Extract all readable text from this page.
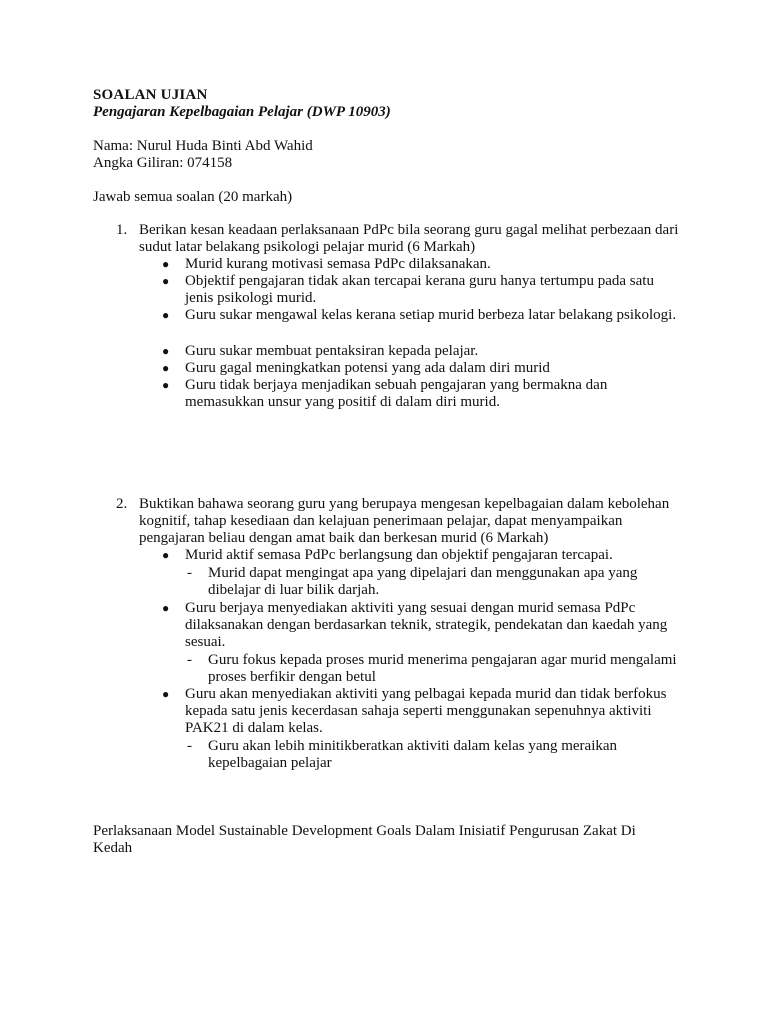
SOALAN UJIAN

Pengajaran Kepelbagaian Pelajar (DWP 10903)

Nama: Nurul Huda Binti Abd Wahid

Angka Giliran: 074158

Jawab semua soalan (20 markah)

1. Berikan kesan keadaan perlaksanaan PdPc bila seorang guru gagal melihat perbezaan dari sudut latar belakang psikologi pelajar murid (6 Markah)

● Murid kurang motivasi semasa PdPc dilaksanakan.

● Objektif pengajaran tidak akan tercapai kerana guru hanya tertumpu pada satu jenis psikologi murid.

● Guru sukar mengawal kelas kerana setiap murid berbeza latar belakang psikologi.

● Guru sukar membuat pentaksiran kepada pelajar.

● Guru gagal meningkatkan potensi yang ada dalam diri murid

● Guru tidak berjaya menjadikan sebuah pengajaran yang bermakna dan memasukkan unsur yang positif di dalam diri murid.

2. Buktikan bahawa seorang guru yang berupaya mengesan kepelbagaian dalam kebolehan kognitif, tahap kesediaan dan kelajuan penerimaan pelajar, dapat menyampaikan pengajaran beliau dengan amat baik dan berkesan murid (6 Markah)

● Murid aktif semasa PdPc berlangsung dan objektif pengajaran tercapai.

- Murid dapat mengingat apa yang dipelajari dan menggunakan apa yang dibelajar di luar bilik darjah.

● Guru berjaya menyediakan aktiviti yang sesuai dengan murid semasa PdPc dilaksanakan dengan berdasarkan teknik, strategik, pendekatan dan kaedah yang sesuai.

- Guru fokus kepada proses murid menerima pengajaran agar murid mengalami proses berfikir dengan betul

● Guru akan menyediakan aktiviti yang pelbagai kepada murid dan tidak berfokus kepada satu jenis kecerdasan sahaja seperti menggunakan sepenuhnya aktiviti PAK21 di dalam kelas.

- Guru akan lebih minitikberatkan aktiviti dalam kelas yang meraikan kepelbagaian pelajar

Perlaksanaan Model Sustainable Development Goals Dalam Inisiatif Pengurusan Zakat Di Kedah
